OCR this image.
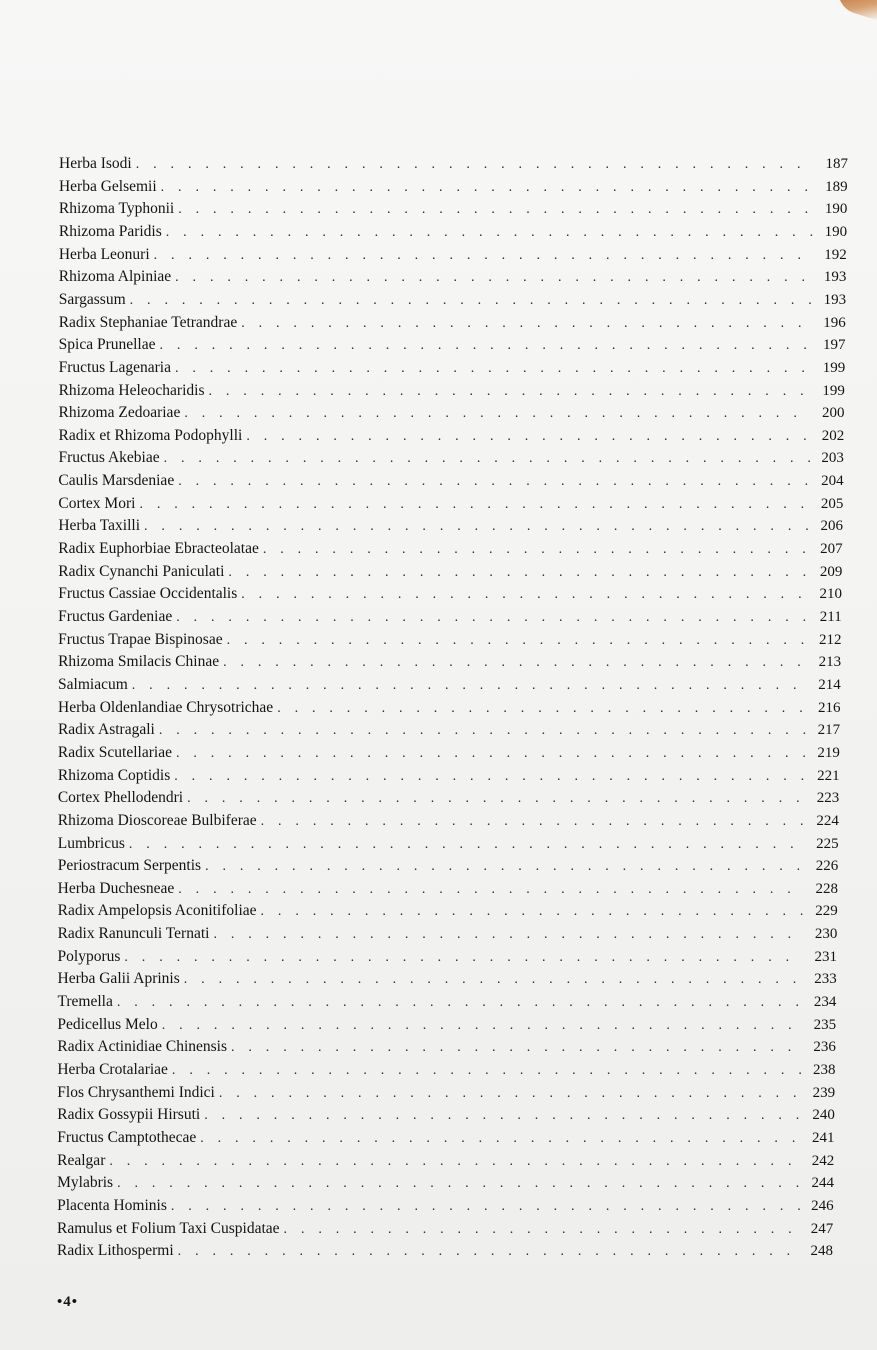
Herba Isodi . . .	187
Herba Gelsemii . . .	189
Rhizoma Typhonii . . .	190
Rhizoma Paridis . . .	190
Herba Leonuri . . .	192
Rhizoma Alpiniae . . .	193
Sargassum . . .	193
Radix Stephaniae Tetrandrae . . .	196
Spica Prunellae . . .	197
Fructus Lagenaria . . .	199
Rhizoma Heleocharidis . . .	199
Rhizoma Zedoariae . . .	200
Radix et Rhizoma Podophylli . . .	202
Fructus Akebiae . . .	203
Caulis Marsdeniae . . .	204
Cortex Mori . . .	205
Herba Taxilli . . .	206
Radix Euphorbiae Ebracteolatae . . .	207
Radix Cynanchi Paniculati . . .	209
Fructus Cassiae Occidentalis . . .	210
Fructus Gardeniae . . .	211
Fructus Trapae Bispinosae . . .	212
Rhizoma Smilacis Chinae . . .	213
Salmiacum . . .	214
Herba Oldenlandiae Chrysotrichae . . .	216
Radix Astragali . . .	217
Radix Scutellariae . . .	219
Rhizoma Coptidis . . .	221
Cortex Phellodendri . . .	223
Rhizoma Dioscoreae Bulbiferae . . .	224
Lumbricus . . .	225
Periostracum Serpentis . . .	226
Herba Duchesneae . . .	228
Radix Ampelopsis Aconitifoliae . . .	229
Radix Ranunculi Ternati . . .	230
Polyporus . . .	231
Herba Galii Aprinis . . .	233
Tremella . . .	234
Pedicellus Melo . . .	235
Radix Actinidiae Chinensis . . .	236
Herba Crotalariae . . .	238
Flos Chrysanthemi Indici . . .	239
Radix Gossypii Hirsuti . . .	240
Fructus Camptothecae . . .	241
Realgar . . .	242
Mylabris . . .	244
Placenta Hominis . . .	246
Ramulus et Folium Taxi Cuspidatae . . .	247
Radix Lithospermi . . .	248
•4•
